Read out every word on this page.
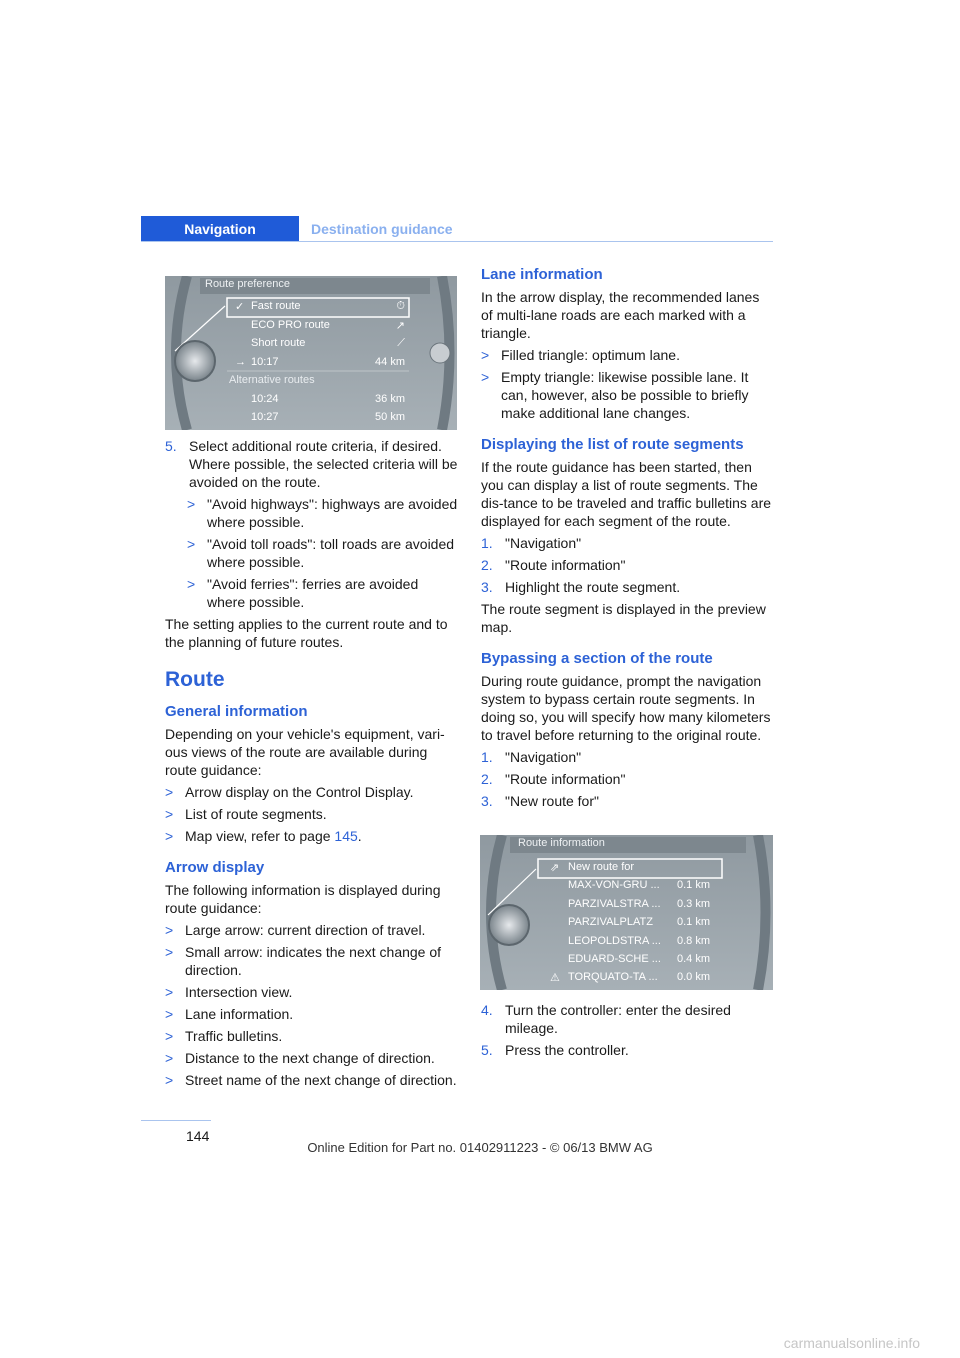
Navigation	Destination guidance
Route preference
✓ Fast route	⏱
ECO PRO route	↗
Short route	⟋
→ 10:17	44 km
Alternative routes
10:24	36 km
10:27	50 km
5. Select additional route criteria, if desired. Where possible, the selected criteria will be avoided on the route.
> "Avoid highways": highways are avoided where possible.
> "Avoid toll roads": toll roads are avoided where possible.
> "Avoid ferries": ferries are avoided where possible.

The setting applies to the current route and to the planning of future routes.

Route
General information

Depending on your vehicle's equipment, vari-ous views of the route are available during route guidance:

> Arrow display on the Control Display.
> List of route segments.
> Map view, refer to page 145.
Arrow display

The following information is displayed during route guidance:

> Large arrow: current direction of travel.
> Small arrow: indicates the next change of direction.
> Intersection view.
> Lane information.
> Traffic bulletins.
> Distance to the next change of direction.
> Street name of the next change of direction.
Lane information

In the arrow display, the recommended lanes of multi-lane roads are each marked with a triangle.

> Filled triangle: optimum lane.
> Empty triangle: likewise possible lane. It can, however, also be possible to briefly make additional lane changes.
Displaying the list of route segments

If the route guidance has been started, then you can display a list of route segments. The dis-tance to be traveled and traffic bulletins are displayed for each segment of the route.

1. "Navigation"
2. "Route information"
3. Highlight the route segment.

The route segment is displayed in the preview map.

Bypassing a section of the route

During route guidance, prompt the navigation system to bypass certain route segments. In doing so, you will specify how many kilometers to travel before returning to the original route.

1. "Navigation"
2. "Route information"
3. "New route for"
Route information
⇗ New route for
MAX-VON-GRU ...	0.1 km
PARZIVALSTRA ...	0.3 km
PARZIVALPLATZ	0.1 km
LEOPOLDSTRA ...	0.8 km
EDUARD-SCHE ...	0.4 km
⚠ TORQUATO-TA ...	0.0 km
4. Turn the controller: enter the desired mileage.
5. Press the controller.
144
Online Edition for Part no. 01402911223 - © 06/13 BMW AG
carmanualsonline.info
